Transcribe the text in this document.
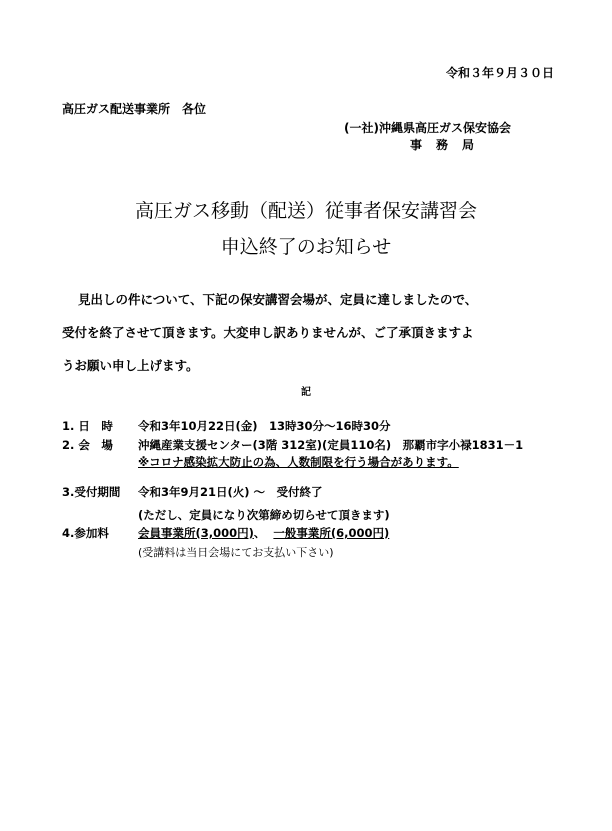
令和３年９月３０日
高圧ガス配送事業所　各位
(一社)沖縄県高圧ガス保安協会
事　務　局
高圧ガス移動（配送）従事者保安講習会
申込終了のお知らせ
見出しの件について、下記の保安講習会場が、定員に達しましたので、
受付を終了させて頂きます。大変申し訳ありませんが、ご了承頂きますよ
うお願い申し上げます。
記
1. 日　時 令和3年10月22日(金)　13時30分～16時30分
2. 会　場 沖縄産業支援センター(3階 312室)(定員110名)　那覇市字小禄1831－1
※コロナ感染拡大防止の為、人数制限を行う場合があります。
3.受付期間 令和3年9月21日(火) ～　受付終了
(ただし、定員になり次第締め切らせて頂きます)
4.参加料	会員事業所(3,000円)、 一般事業所(6,000円)
(受講料は当日会場にてお支払い下さい)
